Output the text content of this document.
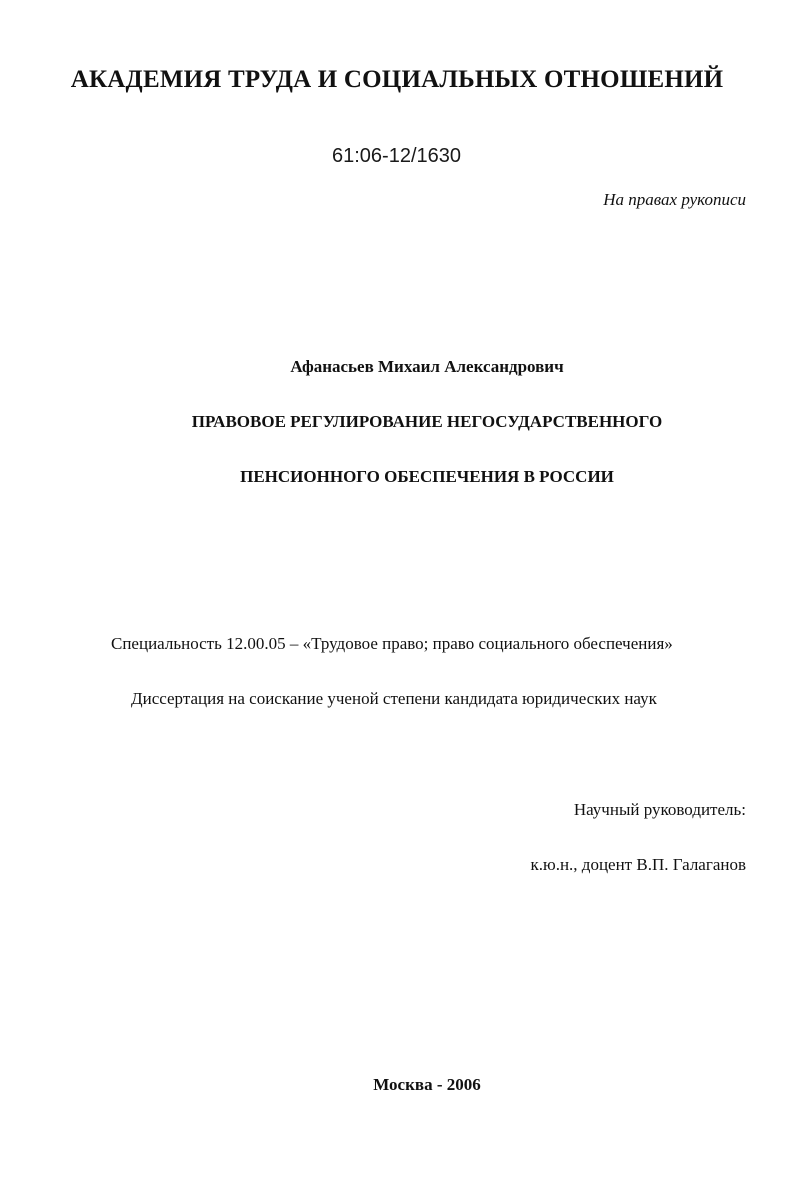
АКАДЕМИЯ ТРУДА И СОЦИАЛЬНЫХ ОТНОШЕНИЙ
61:06-12/1630
На правах рукописи
Афанасьев Михаил Александрович
ПРАВОВОЕ РЕГУЛИРОВАНИЕ НЕГОСУДАРСТВЕННОГО
ПЕНСИОННОГО ОБЕСПЕЧЕНИЯ В РОССИИ
Специальность 12.00.05 – «Трудовое право; право социального обеспечения»
Диссертация на соискание ученой степени кандидата юридических наук
Научный руководитель:
к.ю.н., доцент В.П. Галаганов
Москва - 2006
